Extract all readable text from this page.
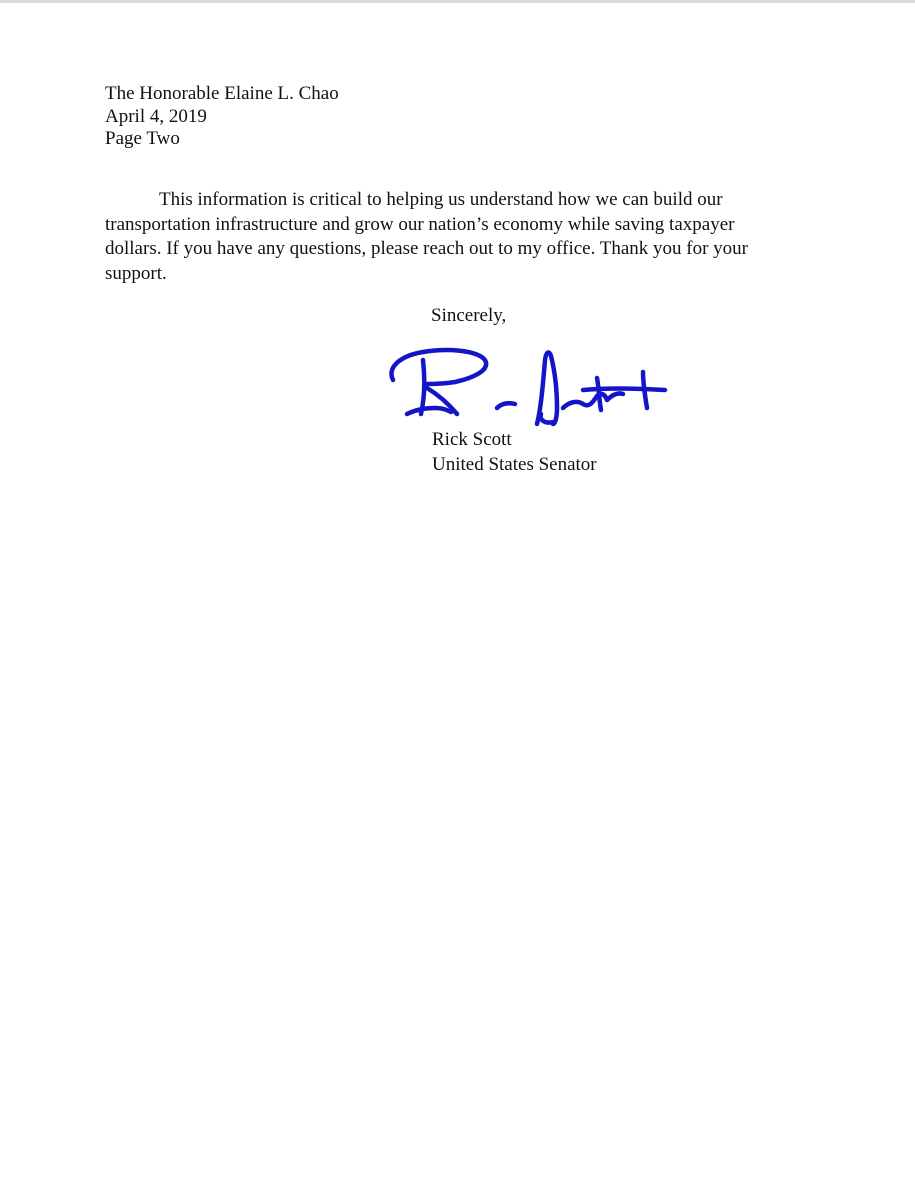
The Honorable Elaine L. Chao
April 4, 2019
Page Two

This information is critical to helping us understand how we can build our
transportation infrastructure and grow our nation’s economy while saving taxpayer
dollars. If you have any questions, please reach out to my office. Thank you for your
support.

Sincerely,
Rick Scott
United States Senator
